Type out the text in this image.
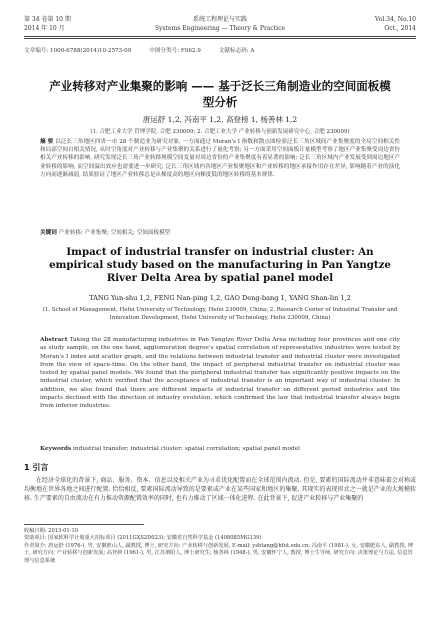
第 34 卷第 10 期	系统工程理论与实践	Vol.34, No.10
2014 年 10 月	Systems Engineering — Theory & Practice	Oct., 2014
文章编号: 1000-6788(2014)10-2573-09	中图分类号: F062.9	文献标志码: A
产业转移对产业集聚的影响 —— 基于泛长三角制造业的空间面板模型分析
唐运舒 1,2, 冯南平 1,2, 高登榜 1, 杨善林 1,2
(1. 合肥工业大学 管理学院, 合肥 230009; 2. 合肥工业大学 产业转移与创新发展研究中心, 合肥 230009)
摘 要 以泛长三角地区四省一市 28 个制造业为研究对象, 一方面通过 Moran's I 指数和散点图检验泛长三角区域间产业集聚度的全局空间相关性和局部空间自相关情况, 从时空角度对产业转移与产业集聚的关系进行了量化考察; 另一方面采用空间面板计量模型考察了地区产业集聚受周边省份相关产业转移的影响. 研究发现泛长三角产业转移规模空间变量对周边省份的产业集聚度有着显著的影响; 泛长三角区域内产业发展受到周边地区产业转移的影响, 而空间溢出效应也需要进一步研究; 泛长三角区域内各地区产业集聚地区和产业转移的地区承接作用存在差异, 影响随着产业的演化方向而逐渐减弱, 结果验证了地区产业转移总是从梯度高的地区向梯度低的地区转移的基本规律.
关键词 产业转移; 产业集聚; 空间相关; 空间面板模型
Impact of industrial transfer on industrial cluster: An empirical study based on the manufacturing in Pan Yangtze River Delta Area by spatial panel model
TANG Yun-shu 1,2, FENG Nan-ping 1,2, GAO Deng-bang 1, YANG Shan-lin 1,2
(1. School of Management, Hefei University of Technology, Hefei 230009, China; 2. Research Center of Industrial Transfer and Innovation Development, Hefei University of Technology, Hefei 230009, China)
Abstract Taking the 28 manufacturing industries in Pan Yangtze River Delta Area including four provinces and one city as study sample, on the one hand, agglomeration degree's spatial correlation of representative industries were tested by Moran's I index and scatter graph, and the relations between industrial transfer and industrial cluster were investigated from the view of space-time. On the other hand, the impact of peripheral industrial transfer on industrial cluster was tested by spatial panel models. We found that the peripheral industrial transfer has significantly positive impacts on the industrial cluster, which verified that the acceptance of industrial transfer is an important way of industrial cluster. In addition, we also found that there are different impacts of industrial transfer on different period industries and the impacts declined with the direction of industry evolution, which confirmed the law that industrial transfer always begin from inferior industries.
Keywords industrial transfer; industrial cluster; spatial correlation; spatial panel model
1 引言
在经济全球化的背景下, 商品、服务、资本、信息以及相关产业为寻求优化配置而在全球范围内流动. 但是, 要素的国际流动并非意味着会对称或均衡地在世界各地之间进行配置. 恰恰相反, 要素国际流动导致的是要素或产业在某些国家和地区的集聚. 其现实的表现形式之一就是产业的大规模转移. 生产要素的自由流动在有力推动资源配置效率的同时, 也有力推动了区域一体化进程. 在此背景下, 促进产业转移与产业集聚的
收稿日期: 2013-01-10
资助项目: 国家软科学计划重大招标项目 (2011GXS2D023); 安徽省自然科学基金 (1408085MG139)
作者简介: 唐运舒 (1976-), 男, 安徽淮山人, 副教授, 博士, 研究方向: 产业转移与创新发展, E-mail: yshtang@hfut.edu.cn; 冯南平 (1981-), 女, 安徽肥东人, 副教授, 博士, 研究方向: 产业转移与创新发展; 高登榜 (1961-), 男, 江苏泗阳人, 博士研究生; 杨善林 (1948-), 男, 安徽怀宁人, 教授, 博士生导师, 研究方向: 决策理论与方法, 信息管理与信息系统.
